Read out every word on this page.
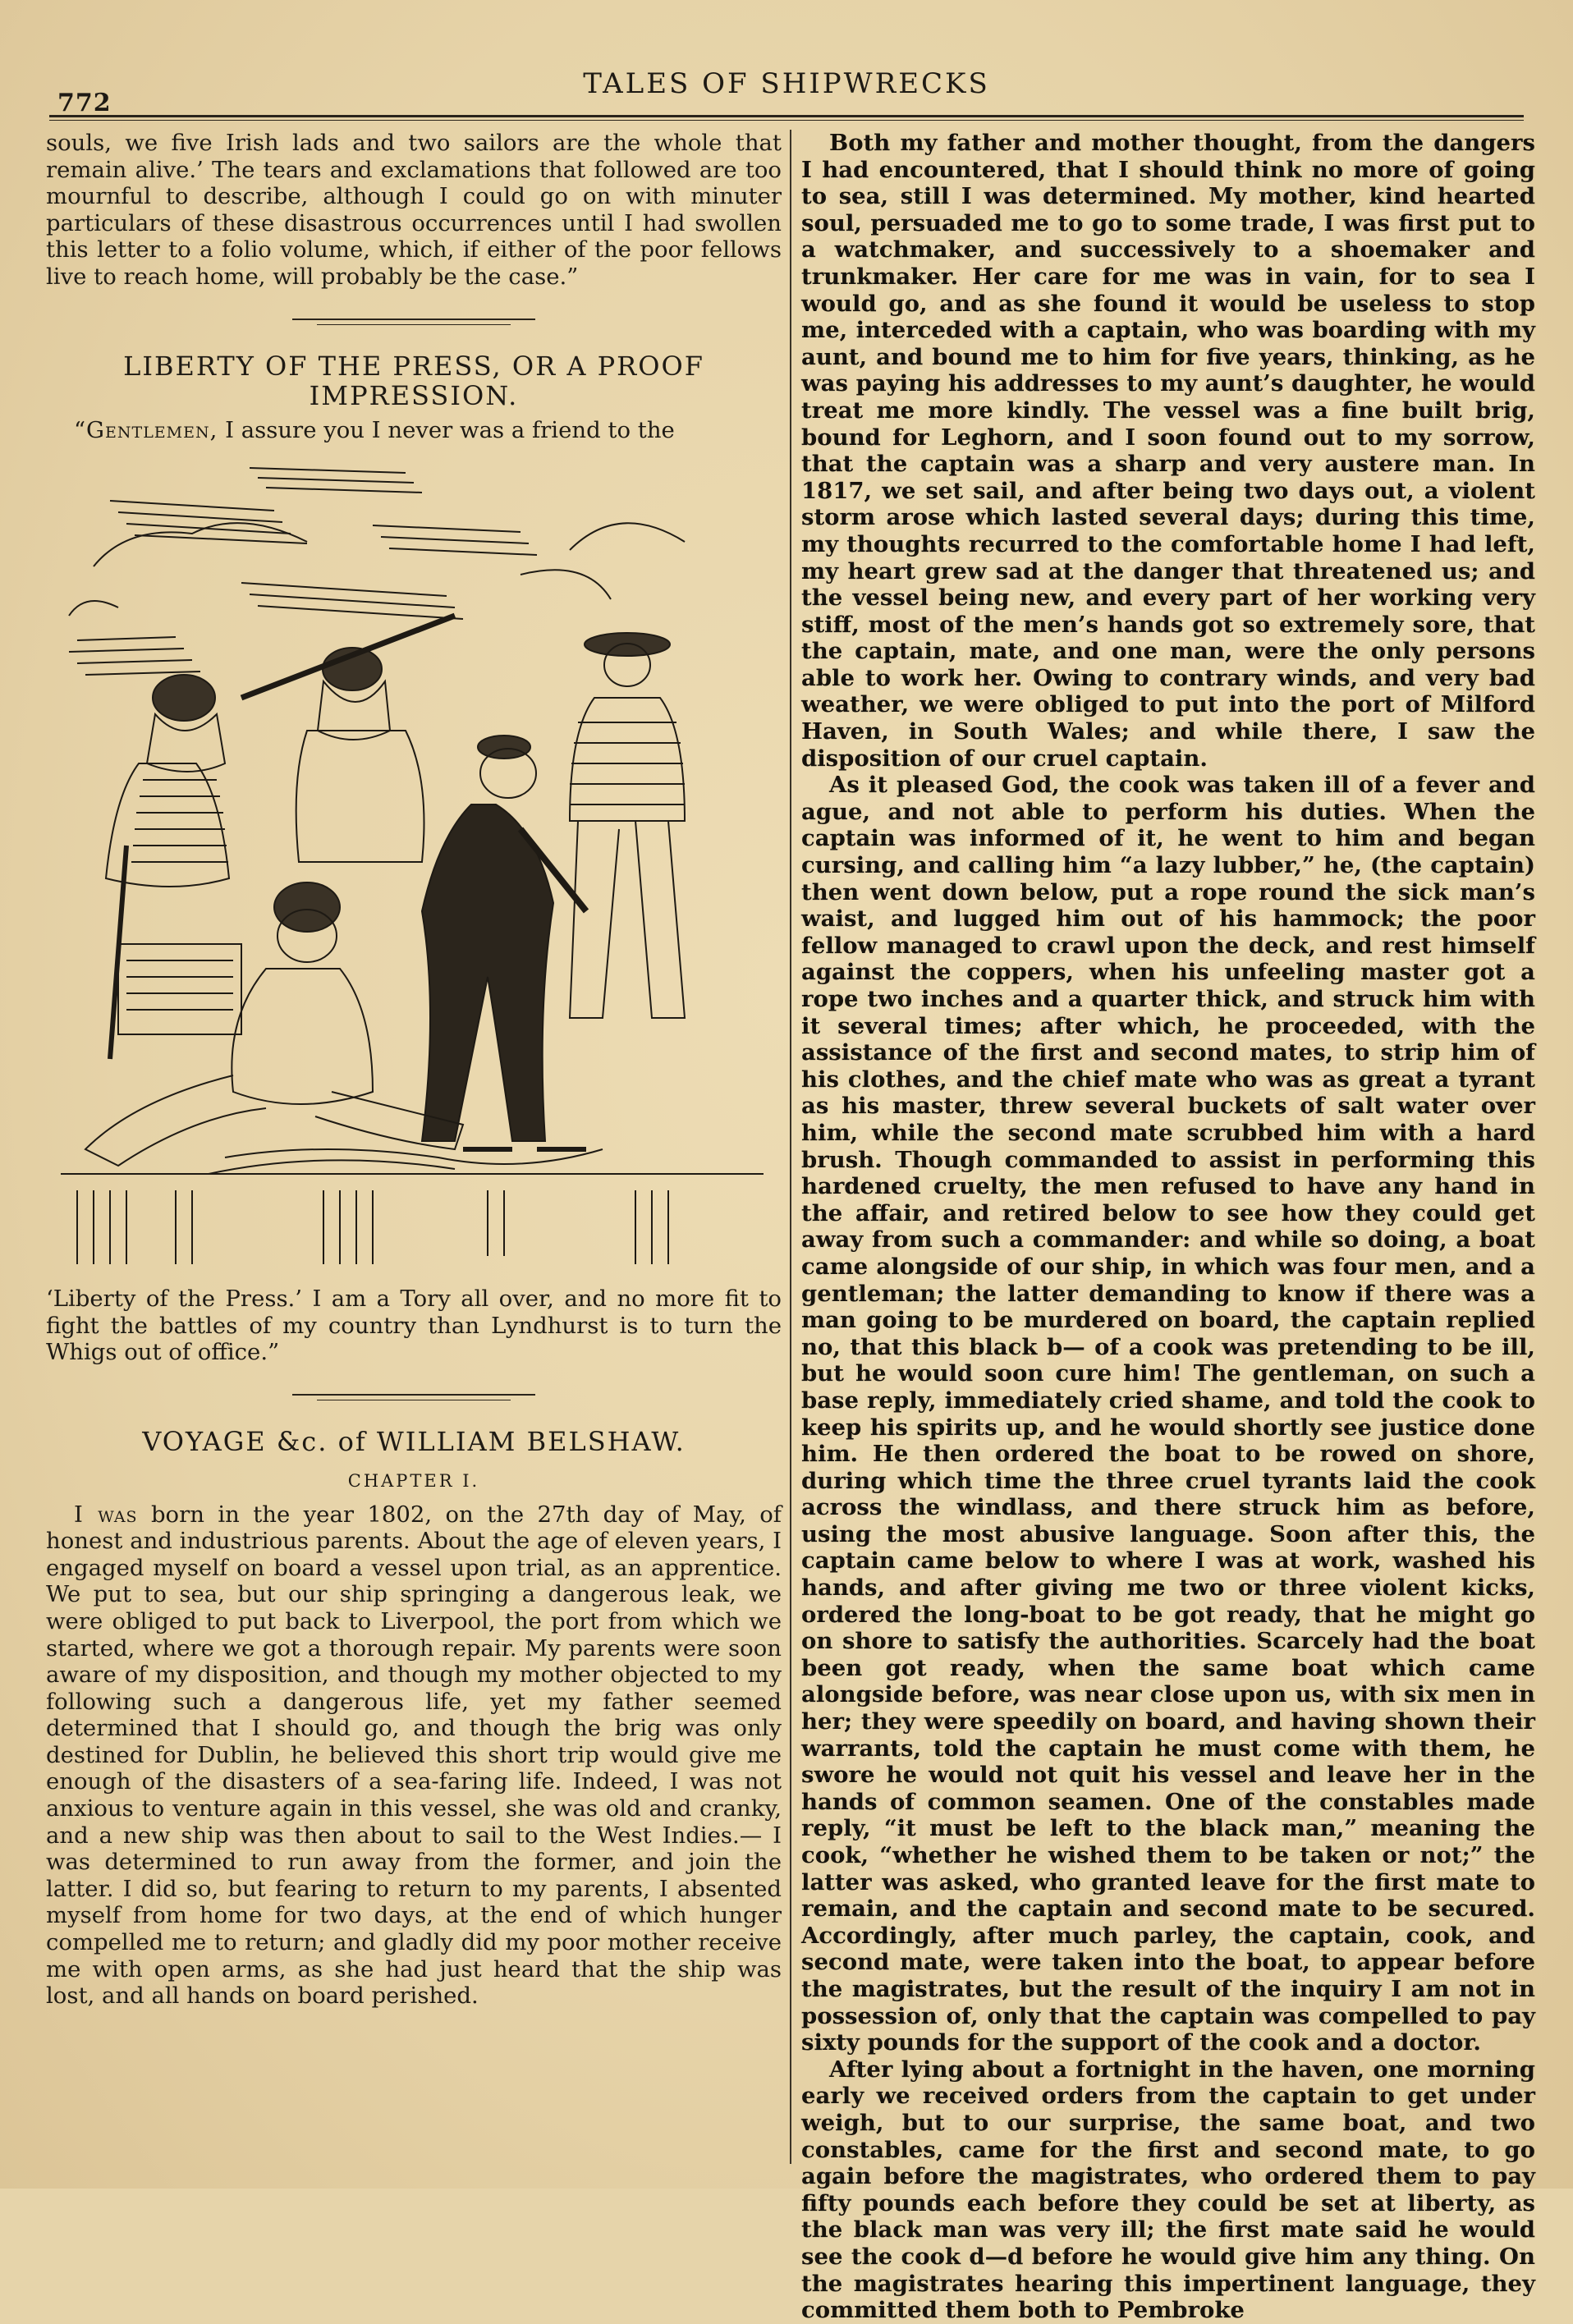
772
TALES OF SHIPWRECKS

souls, we five Irish lads and two sailors are the whole that remain alive.’ The tears and exclamations that followed are too mournful to describe, although I could go on with minuter particulars of these disastrous occurrences until I had swollen this letter to a folio volume, which, if either of the poor fellows live to reach home, will probably be the case.”

LIBERTY OF THE PRESS, OR A PROOF IMPRESSION.

“Gentlemen, I assure you I never was a friend to the

‘Liberty of the Press.’ I am a Tory all over, and no more fit to fight the battles of my country than Lyndhurst is to turn the Whigs out of office.”

VOYAGE &c. of WILLIAM BELSHAW.
CHAPTER I.

I was born in the year 1802, on the 27th day of May, of honest and industrious parents. About the age of eleven years, I engaged myself on board a vessel upon trial, as an apprentice. We put to sea, but our ship springing a dangerous leak, we were obliged to put back to Liverpool, the port from which we started, where we got a thorough repair. My parents were soon aware of my disposition, and though my mother objected to my following such a dangerous life, yet my father seemed determined that I should go, and though the brig was only destined for Dublin, he believed this short trip would give me enough of the disasters of a sea-faring life. Indeed, I was not anxious to venture again in this vessel, she was old and cranky, and a new ship was then about to sail to the West Indies.— I was determined to run away from the former, and join the latter. I did so, but fearing to return to my parents, I absented myself from home for two days, at the end of which hunger compelled me to return; and gladly did my poor mother receive me with open arms, as she had just heard that the ship was lost, and all hands on board perished.

Both my father and mother thought, from the dangers I had encountered, that I should think no more of going to sea, still I was determined. My mother, kind hearted soul, persuaded me to go to some trade, I was first put to a watchmaker, and successively to a shoemaker and trunkmaker. Her care for me was in vain, for to sea I would go, and as she found it would be useless to stop me, interceded with a captain, who was boarding with my aunt, and bound me to him for five years, thinking, as he was paying his addresses to my aunt’s daughter, he would treat me more kindly. The vessel was a fine built brig, bound for Leghorn, and I soon found out to my sorrow, that the captain was a sharp and very austere man. In 1817, we set sail, and after being two days out, a violent storm arose which lasted several days; during this time, my thoughts recurred to the comfortable home I had left, my heart grew sad at the danger that threatened us; and the vessel being new, and every part of her working very stiff, most of the men’s hands got so extremely sore, that the captain, mate, and one man, were the only persons able to work her. Owing to contrary winds, and very bad weather, we were obliged to put into the port of Milford Haven, in South Wales; and while there, I saw the disposition of our cruel captain.

As it pleased God, the cook was taken ill of a fever and ague, and not able to perform his duties. When the captain was informed of it, he went to him and began cursing, and calling him “a lazy lubber,” he, (the captain) then went down below, put a rope round the sick man’s waist, and lugged him out of his hammock; the poor fellow managed to crawl upon the deck, and rest himself against the coppers, when his unfeeling master got a rope two inches and a quarter thick, and struck him with it several times; after which, he proceeded, with the assistance of the first and second mates, to strip him of his clothes, and the chief mate who was as great a tyrant as his master, threw several buckets of salt water over him, while the second mate scrubbed him with a hard brush. Though commanded to assist in performing this hardened cruelty, the men refused to have any hand in the affair, and retired below to see how they could get away from such a commander: and while so doing, a boat came alongside of our ship, in which was four men, and a gentleman; the latter demanding to know if there was a man going to be murdered on board, the captain replied no, that this black b— of a cook was pretending to be ill, but he would soon cure him! The gentleman, on such a base reply, immediately cried shame, and told the cook to keep his spirits up, and he would shortly see justice done him. He then ordered the boat to be rowed on shore, during which time the three cruel tyrants laid the cook across the windlass, and there struck him as before, using the most abusive language. Soon after this, the captain came below to where I was at work, washed his hands, and after giving me two or three violent kicks, ordered the long-boat to be got ready, that he might go on shore to satisfy the authorities. Scarcely had the boat been got ready, when the same boat which came alongside before, was near close upon us, with six men in her; they were speedily on board, and having shown their warrants, told the captain he must come with them, he swore he would not quit his vessel and leave her in the hands of common seamen. One of the constables made reply, “it must be left to the black man,” meaning the cook, “whether he wished them to be taken or not;” the latter was asked, who granted leave for the first mate to remain, and the captain and second mate to be secured. Accordingly, after much parley, the captain, cook, and second mate, were taken into the boat, to appear before the magistrates, but the result of the inquiry I am not in possession of, only that the captain was compelled to pay sixty pounds for the support of the cook and a doctor.

After lying about a fortnight in the haven, one morning early we received orders from the captain to get under weigh, but to our surprise, the same boat, and two constables, came for the first and second mate, to go again before the magistrates, who ordered them to pay fifty pounds each before they could be set at liberty, as the black man was very ill; the first mate said he would see the cook d—d before he would give him any thing. On the magistrates hearing this impertinent language, they committed them both to Pembroke
